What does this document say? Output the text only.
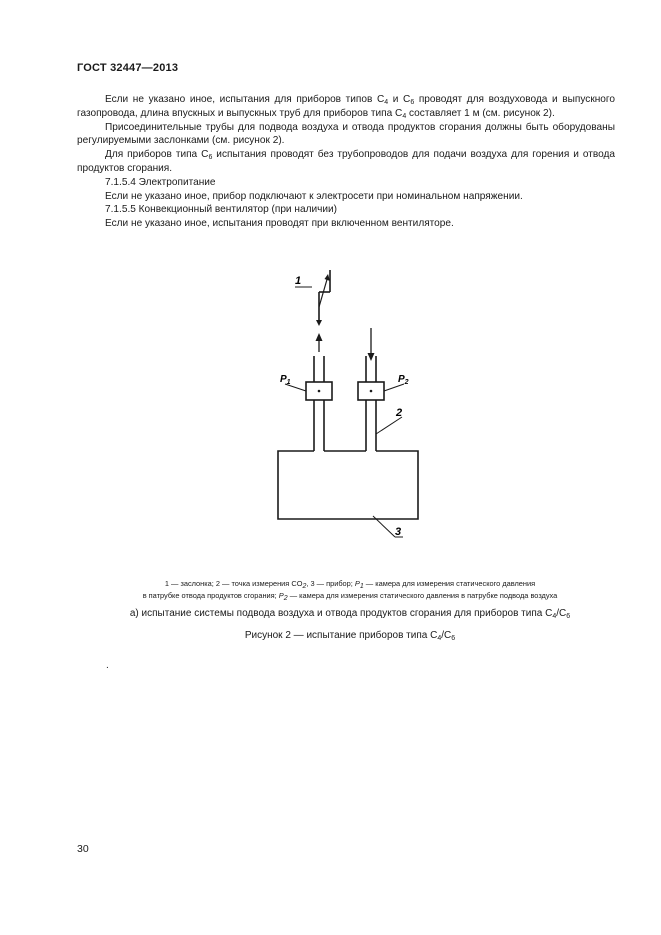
ГОСТ 32447—2013

Если не указано иное, испытания для приборов типов $С_4$ и $С_6$ проводят для воздуховода и выпускного газопровода, длина впускных и выпускных труб для приборов типа $С_4$ составляет 1 м (см. рисунок 2).

Присоединительные трубы для подвода воздуха и отвода продуктов сгорания должны быть оборудованы регулируемыми заслонками (см. рисунок 2).

Для приборов типа $С_6$ испытания проводят без трубопроводов для подачи воздуха для горения и отвода продуктов сгорания.

7.1.5.4 Электропитание

Если не указано иное, прибор подключают к электросети при номинальном напряжении.

7.1.5.5 Конвекционный вентилятор (при наличии)

Если не указано иное, испытания проводят при включенном вентиляторе.

1
$P_1$	$P_2$
2
3
1 — заслонка; 2 — точка измерения $CO_2$, 3 — прибор; $P_1$ — камера для измерения статического давления
в патрубке отвода продуктов сгорания; $P_2$ — камера для измерения статического давления в патрубке подвода воздуха
а) испытание системы подвода воздуха и отвода продуктов сгорания для приборов типа $С_4/С_6$
Рисунок 2 — испытание приборов типа $С_4/С_6$
.
30
